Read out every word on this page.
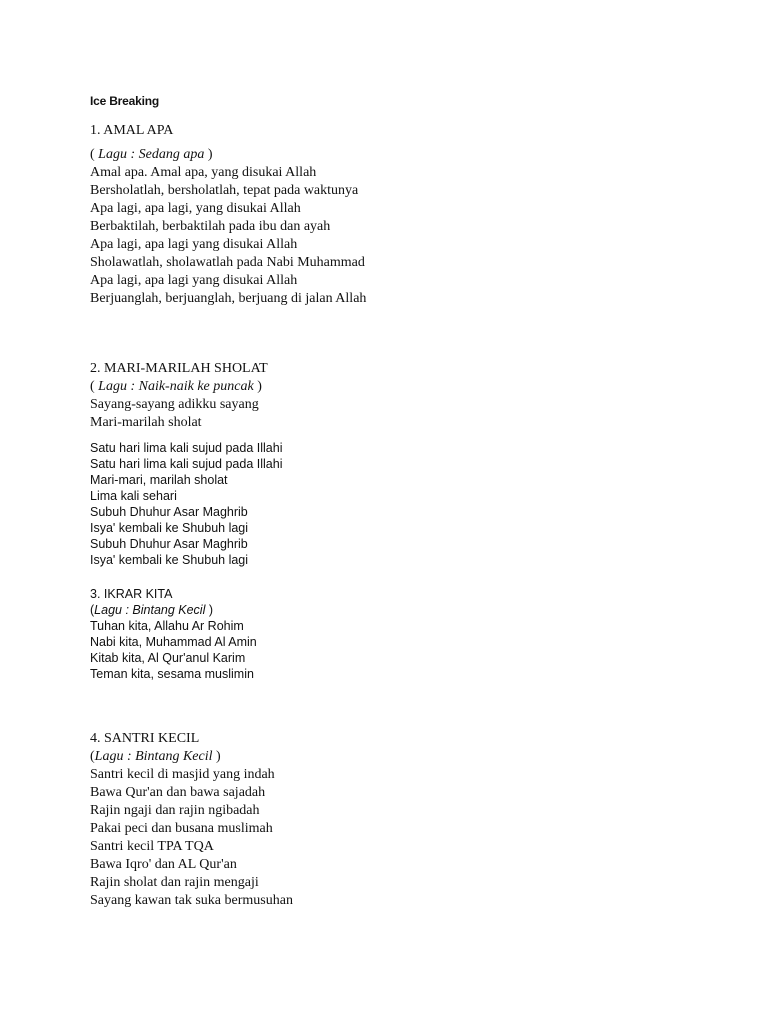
Ice Breaking
1. AMAL APA
( Lagu : Sedang apa )
Amal apa. Amal apa, yang disukai Allah
Bersholatlah, bersholatlah, tepat pada waktunya
Apa lagi, apa lagi, yang disukai Allah
Berbaktilah, berbaktilah pada ibu dan ayah
Apa lagi, apa lagi yang disukai Allah
Sholawatlah, sholawatlah pada Nabi Muhammad
Apa lagi, apa lagi yang disukai Allah
Berjuanglah, berjuanglah, berjuang di jalan Allah
2. MARI-MARILAH SHOLAT
( Lagu : Naik-naik ke puncak )
Sayang-sayang adikku sayang
Mari-marilah sholat
Satu hari lima kali sujud pada Illahi
Satu hari lima kali sujud pada Illahi
Mari-mari, marilah sholat
Lima kali sehari
Subuh Dhuhur Asar Maghrib
Isya' kembali ke Shubuh lagi
Subuh Dhuhur Asar Maghrib
Isya' kembali ke Shubuh lagi
3. IKRAR KITA
(Lagu : Bintang Kecil )
Tuhan kita, Allahu Ar Rohim
Nabi kita, Muhammad Al Amin
Kitab kita, Al Qur'anul Karim
Teman kita, sesama muslimin
4. SANTRI KECIL
(Lagu : Bintang Kecil )
Santri kecil di masjid yang indah
Bawa Qur'an dan bawa sajadah
Rajin ngaji dan rajin ngibadah
Pakai peci dan busana muslimah
Santri kecil TPA TQA
Bawa Iqro' dan AL Qur'an
Rajin sholat dan rajin mengaji
Sayang kawan tak suka bermusuhan
